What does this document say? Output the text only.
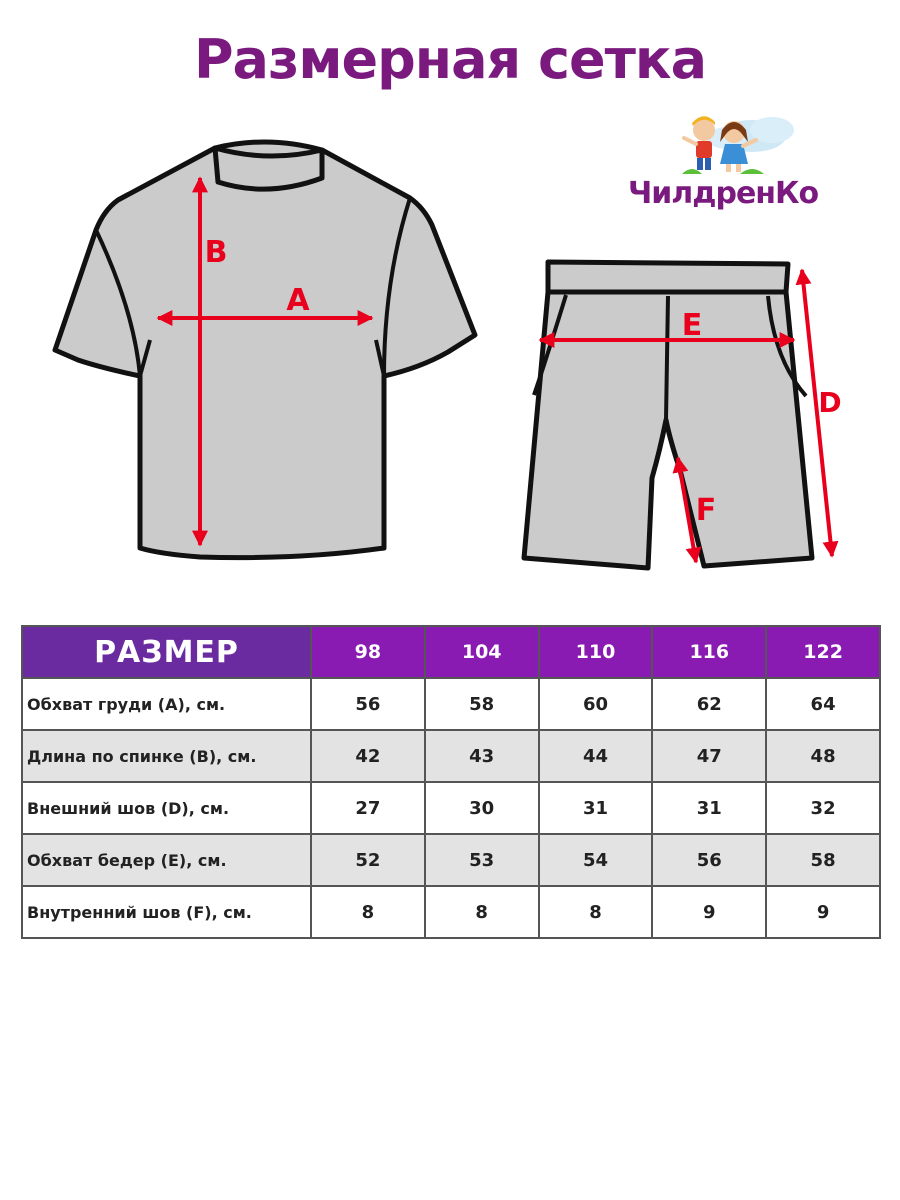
Размерная сетка
ЧилдренКо
B
A
E
D
F
РАЗМЕР	98	104	110	116	122
Обхват груди (A), см.	56	58	60	62	64
Длина по спинке (B), см.	42	43	44	47	48
Внешний шов (D), см.	27	30	31	31	32
Обхват бедер (E), см.	52	53	54	56	58
Внутренний шов (F), см.	8	8	8	9	9
